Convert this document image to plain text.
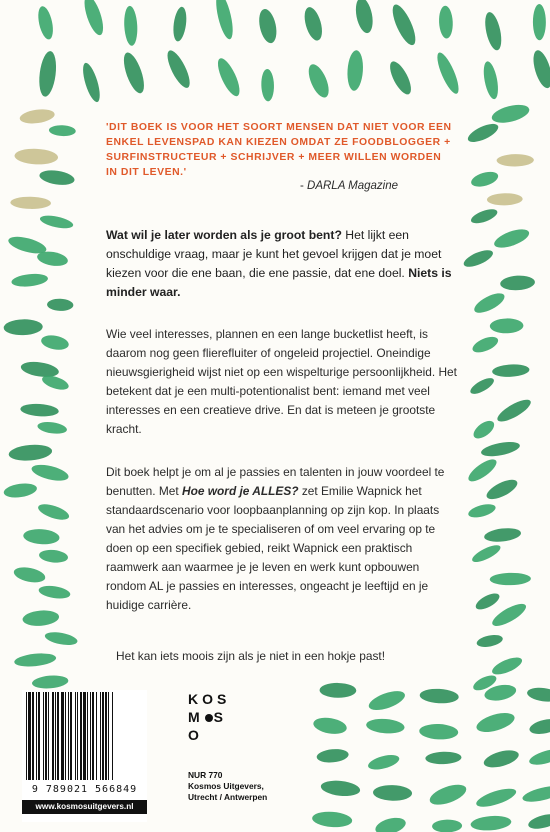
'DIT BOEK IS VOOR HET SOORT MENSEN DAT NIET VOOR EEN ENKEL LEVENSPAD KAN KIEZEN OMDAT ZE FOODBLOGGER + SURFINSTRUCTEUR + SCHRIJVER + MEER WILLEN WORDEN IN DIT LEVEN.'
- DARLA Magazine
Wat wil je later worden als je groot bent? Het lijkt een onschuldige vraag, maar je kunt het gevoel krijgen dat je moet kiezen voor die ene baan, die ene passie, dat ene doel. Niets is minder waar.
Wie veel interesses, plannen en een lange bucketlist heeft, is daarom nog geen flierefluiter of ongeleid projectiel. Oneindige nieuwsgierigheid wijst niet op een wispelturige persoonlijkheid. Het betekent dat je een multi-potentionalist bent: iemand met veel interesses en een creatieve drive. En dat is meteen je grootste kracht.
Dit boek helpt je om al je passies en talenten in jouw voordeel te benutten. Met Hoe word je ALLES? zet Emilie Wapnick het standaardscenario voor loopbaanplanning op zijn kop. In plaats van het advies om je te specialiseren of om veel ervaring op te doen op een specifiek gebied, reikt Wapnick een praktisch raamwerk aan waarmee je je leven en werk kunt opbouwen rondom AL je passies en interesses, ongeacht je leeftijd en je huidige carrière.
Het kan iets moois zijn als je niet in een hokje past!
9 789021 566849
www.kosmosuitgevers.nl
KOS
M S
O
NUR 770
Kosmos Uitgevers,
Utrecht / Antwerpen
